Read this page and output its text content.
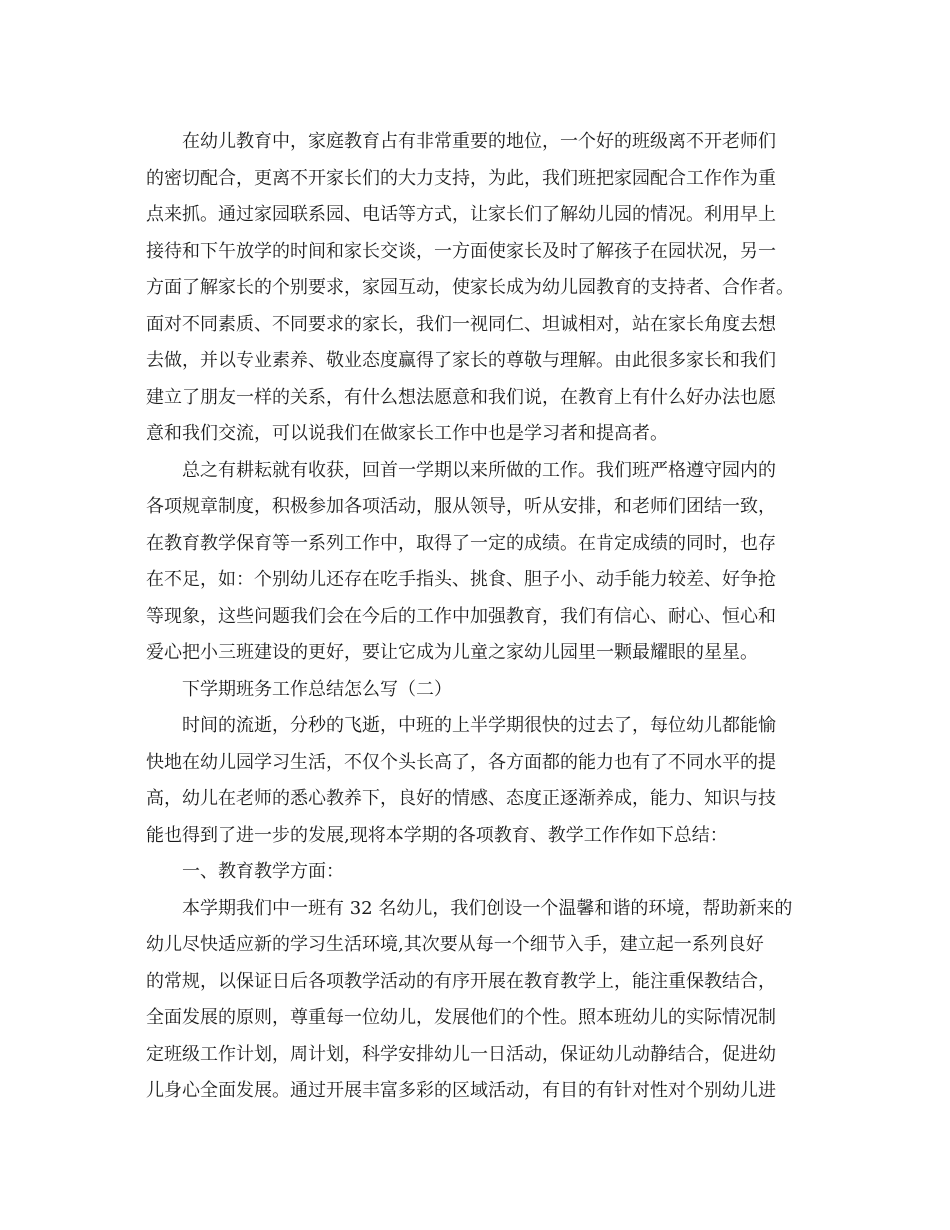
在幼儿教育中，家庭教育占有非常重要的地位，一个好的班级离不开老师们
的密切配合，更离不开家长们的大力支持，为此，我们班把家园配合工作作为重
点来抓。通过家园联系园、电话等方式，让家长们了解幼儿园的情况。利用早上
接待和下午放学的时间和家长交谈，一方面使家长及时了解孩子在园状况，另一
方面了解家长的个别要求，家园互动，使家长成为幼儿园教育的支持者、合作者。
面对不同素质、不同要求的家长，我们一视同仁、坦诚相对，站在家长角度去想
去做，并以专业素养、敬业态度赢得了家长的尊敬与理解。由此很多家长和我们
建立了朋友一样的关系，有什么想法愿意和我们说，在教育上有什么好办法也愿
意和我们交流，可以说我们在做家长工作中也是学习者和提高者。
总之有耕耘就有收获，回首一学期以来所做的工作。我们班严格遵守园内的
各项规章制度，积极参加各项活动，服从领导，听从安排，和老师们团结一致，
在教育教学保育等一系列工作中，取得了一定的成绩。在肯定成绩的同时，也存
在不足，如：个别幼儿还存在吃手指头、挑食、胆子小、动手能力较差、好争抢
等现象，这些问题我们会在今后的工作中加强教育，我们有信心、耐心、恒心和
爱心把小三班建设的更好，要让它成为儿童之家幼儿园里一颗最耀眼的星星。
下学期班务工作总结怎么写（二）
时间的流逝，分秒的飞逝，中班的上半学期很快的过去了，每位幼儿都能愉
快地在幼儿园学习生活，不仅个头长高了，各方面都的能力也有了不同水平的提
高，幼儿在老师的悉心教养下，良好的情感、态度正逐渐养成，能力、知识与技
能也得到了进一步的发展,现将本学期的各项教育、教学工作作如下总结：
一、教育教学方面：
本学期我们中一班有 32 名幼儿，我们创设一个温馨和谐的环境，帮助新来的
幼儿尽快适应新的学习生活环境,其次要从每一个细节入手，建立起一系列良好
的常规，以保证日后各项教学活动的有序开展在教育教学上，能注重保教结合，
全面发展的原则，尊重每一位幼儿，发展他们的个性。照本班幼儿的实际情况制
定班级工作计划，周计划，科学安排幼儿一日活动，保证幼儿动静结合，促进幼
儿身心全面发展。通过开展丰富多彩的区域活动，有目的有针对性对个别幼儿进
